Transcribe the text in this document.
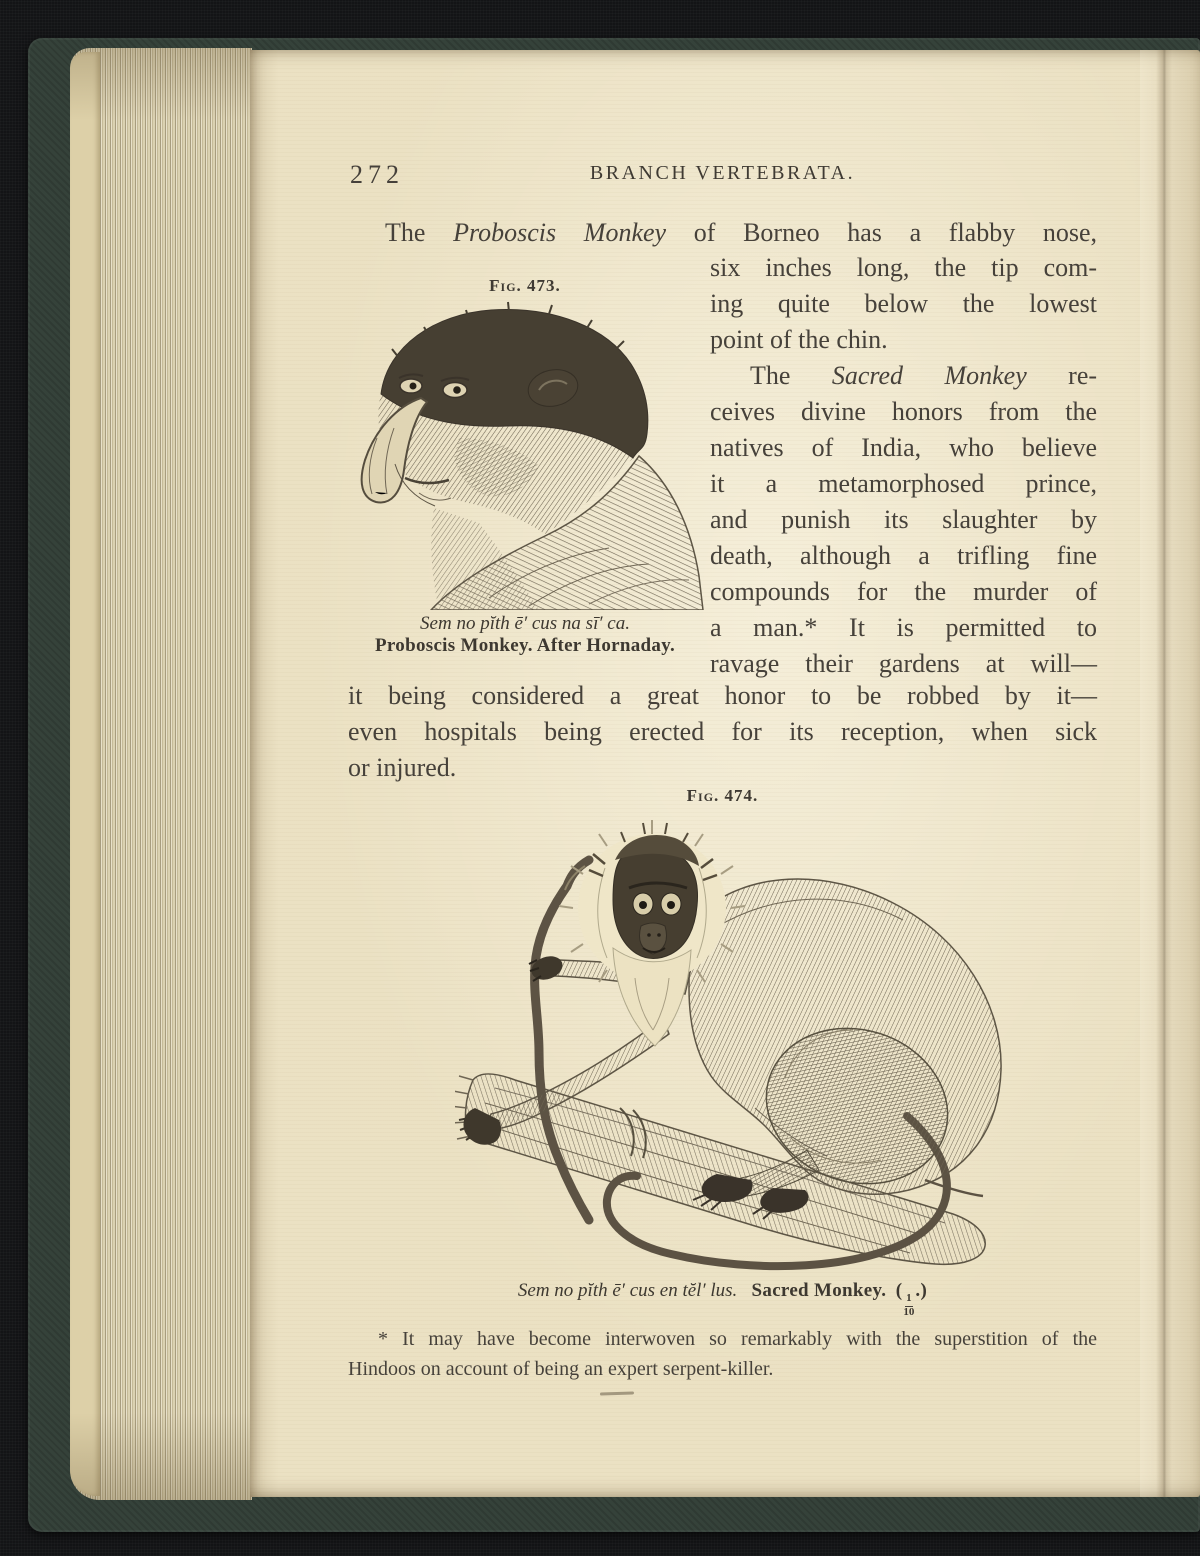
272	BRANCH VERTEBRATA.
The Proboscis Monkey of Borneo has a flabby nose,
six inches long, the tip com-
ing quite below the lowest
point of the chin.
The Sacred Monkey re-
ceives divine honors from the
natives of India, who believe
it a metamorphosed prince,
and punish its slaughter by
death, although a trifling fine
compounds for the murder of
a man.* It is permitted to
ravage their gardens at will—
Fig. 473.
Sem no pĭth ē′ cus na sī′ ca.
Proboscis Monkey. After Hornaday.
it being considered a great honor to be robbed by it—
even hospitals being erected for its reception, when sick
or injured.
Fig. 474.
Sem no pĭth ē′ cus en tĕl′ lus. Sacred Monkey. (
$\frac{1}{10}$
.)
* It may have become interwoven so remarkably with the superstition of the
Hindoos on account of being an expert serpent-killer.
